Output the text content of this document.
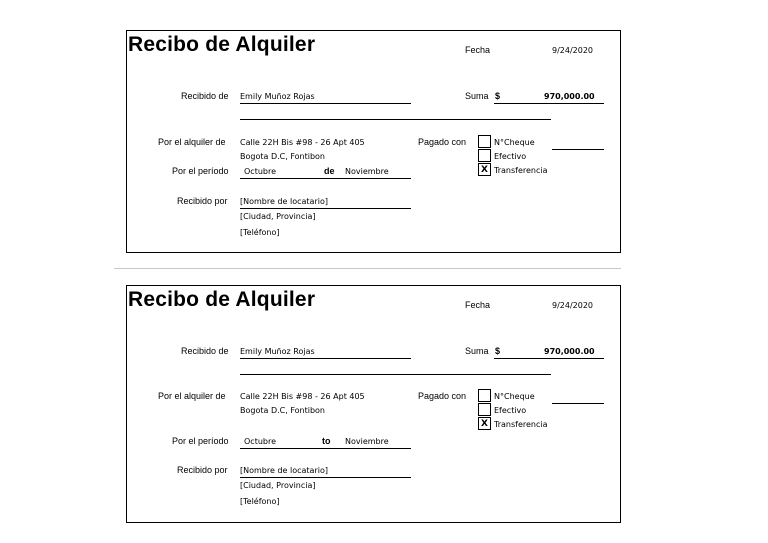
Recibo de Alquiler	Fecha	9/24/2020
Recibido de Emily Muñoz Rojas	Suma $	970,000.00
Por el alquiler de Calle 22H Bis #98 - 26 Apt 405
Bogota D.C, Fontibon
Por el período Octubre	de Noviembre
Pagado con	N°Cheque
Efectivo
X Transferencia
Recibido por [Nombre de locatario]
[Ciudad, Provincia]
[Teléfono]
Recibo de Alquiler	Fecha	9/24/2020
Recibido de Emily Muñoz Rojas	Suma $	970,000.00
Por el alquiler de Calle 22H Bis #98 - 26 Apt 405
Bogota D.C, Fontibon
Por el período Octubre	to Noviembre
Pagado con	N°Cheque
Efectivo
X Transferencia
Recibido por [Nombre de locatario]
[Ciudad, Provincia]
[Teléfono]
